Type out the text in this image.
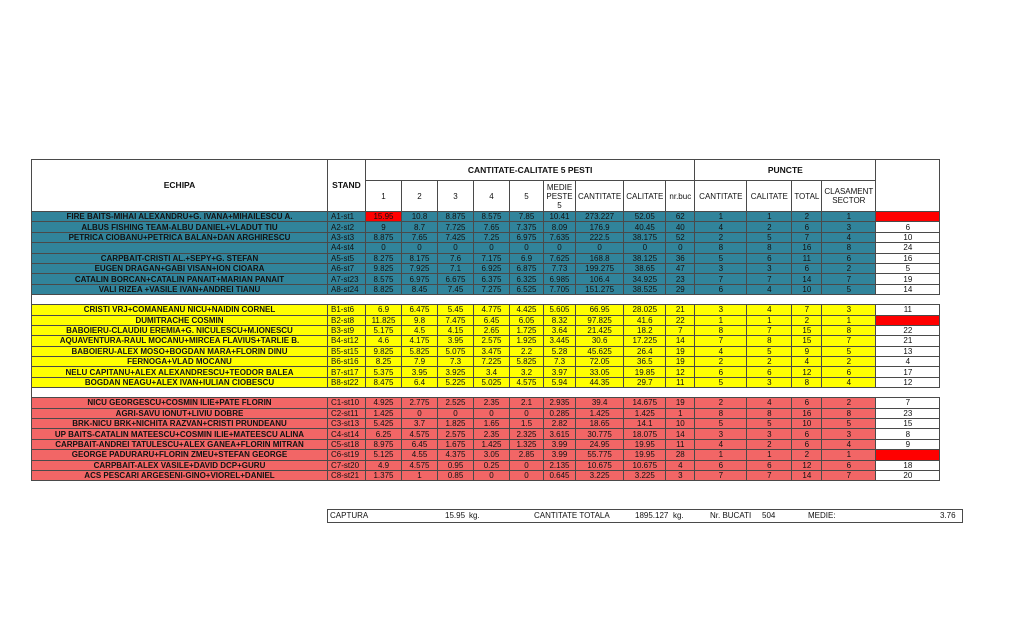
ECHIPA	STAND	CANTITATE-CALITATE 5 PESTI									PUNCTE				CLASAMENT GENERAL
		1	2	3	4	5	MEDIE PESTE 5	CANTITATE	CALITATE	nr.buc	CANTITATE	CALITATE	TOTAL	CLASAMENT SECTOR	
FIRE BAITS-MIHAI ALEXANDRU+G. IVANA+MIHAILESCU A.	A1-st1	15.95	10.8	8.875	8.575	7.85	10.41	273.227	52.05	62	1	1	2	1	1
ALBUS FISHING TEAM-ALBU DANIEL+VLADUT TIU	A2-st2	9	8.7	7.725	7.65	7.375	8.09	176.9	40.45	40	4	2	6	3	6
PETRICA CIOBANU+PETRICA BALAN+DAN ARGHIRESCU	A3-st3	8.875	7.65	7.425	7.25	6.975	7.635	222.5	38.175	52	2	5	7	4	10
	A4-st4	0	0	0	0	0	0	0	0	0	8	8	16	8	24
CARPBAIT-CRISTI AL.+SEPY+G. STEFAN	A5-st5	8.275	8.175	7.6	7.175	6.9	7.625	168.8	38.125	36	5	6	11	6	16
EUGEN DRAGAN+GABI VISAN+ION CIOARA	A6-st7	9.825	7.925	7.1	6.925	6.875	7.73	199.275	38.65	47	3	3	6	2	5
CATALIN BORCAN+CATALIN PANAIT+MARIAN PANAIT	A7-st23	8.575	6.975	6.675	6.375	6.325	6.985	106.4	34.925	23	7	7	14	7	19
VALI RIZEA +VASILE IVAN+ANDREI TIANU	A8-st24	8.825	8.45	7.45	7.275	6.525	7.705	151.275	38.525	29	6	4	10	5	14

CRISTI VRJ+COMANEANU NICU+NAIDIN CORNEL	B1-st6	6.9	6.475	5.45	4.775	4.425	5.605	66.95	28.025	21	3	4	7	3	11
DUMITRACHE COSMIN	B2-st8	11.825	9.8	7.475	6.45	6.05	8.32	97.825	41.6	22	1	1	2	1	2
BABOIERU-CLAUDIU EREMIA+G. NICULESCU+M.IONESCU	B3-st9	5.175	4.5	4.15	2.65	1.725	3.64	21.425	18.2	7	8	7	15	8	22
AQUAVENTURA-RAUL MOCANU+MIRCEA FLAVIUS+TARLIE B.	B4-st12	4.6	4.175	3.95	2.575	1.925	3.445	30.6	17.225	14	7	8	15	7	21
BABOIERU-ALEX MOSO+BOGDAN MARA+FLORIN DINU	B5-st15	9.825	5.825	5.075	3.475	2.2	5.28	45.625	26.4	19	4	5	9	5	13
FERNOGA+VLAD MOCANU	B6-st16	8.25	7.9	7.3	7.225	5.825	7.3	72.05	36.5	19	2	2	4	2	4
NELU CAPITANU+ALEX ALEXANDRESCU+TEODOR BALEA	B7-st17	5.375	3.95	3.925	3.4	3.2	3.97	33.05	19.85	12	6	6	12	6	17
BOGDAN NEAGU+ALEX IVAN+IULIAN CIOBESCU	B8-st22	8.475	6.4	5.225	5.025	4.575	5.94	44.35	29.7	11	5	3	8	4	12

NICU GEORGESCU+COSMIN ILIE+PATE FLORIN	C1-st10	4.925	2.775	2.525	2.35	2.1	2.935	39.4	14.675	19	2	4	6	2	7
AGRI-SAVU IONUT+LIVIU DOBRE	C2-st11	1.425	0	0	0	0	0.285	1.425	1.425	1	8	8	16	8	23
BRK-NICU BRK+NICHITA RAZVAN+CRISTI PRUNDEANU	C3-st13	5.425	3.7	1.825	1.65	1.5	2.82	18.65	14.1	10	5	5	10	5	15
UP BAITS-CATALIN MATEESCU+COSMIN ILIE+MATEESCU ALINA	C4-st14	6.25	4.575	2.575	2.35	2.325	3.615	30.775	18.075	14	3	3	6	3	8
CARPBAIT-ANDREI TATULESCU+ALEX GANEA+FLORIN MITRAN	C5-st18	8.975	6.45	1.675	1.425	1.325	3.99	24.95	19.95	11	4	2	6	4	9
GEORGE PADURARU+FLORIN ZMEU+STEFAN GEORGE	C6-st19	5.125	4.55	4.375	3.05	2.85	3.99	55.775	19.95	28	1	1	2	1	3
CARPBAIT-ALEX VASILE+DAVID DCP+GURU	C7-st20	4.9	4.575	0.95	0.25	0	2.135	10.675	10.675	4	6	6	12	6	18
ACS PESCARI ARGESENI-GINO+VIOREL+DANIEL	C8-st21	1.375	1	0.85	0	0	0.645	3.225	3.225	3	7	7	14	7	20
CAPTURA	15.95 kg.	CANTITATE TOTALA	1895.127 kg.	Nr. BUCATI 504	MEDIE:	3.76
